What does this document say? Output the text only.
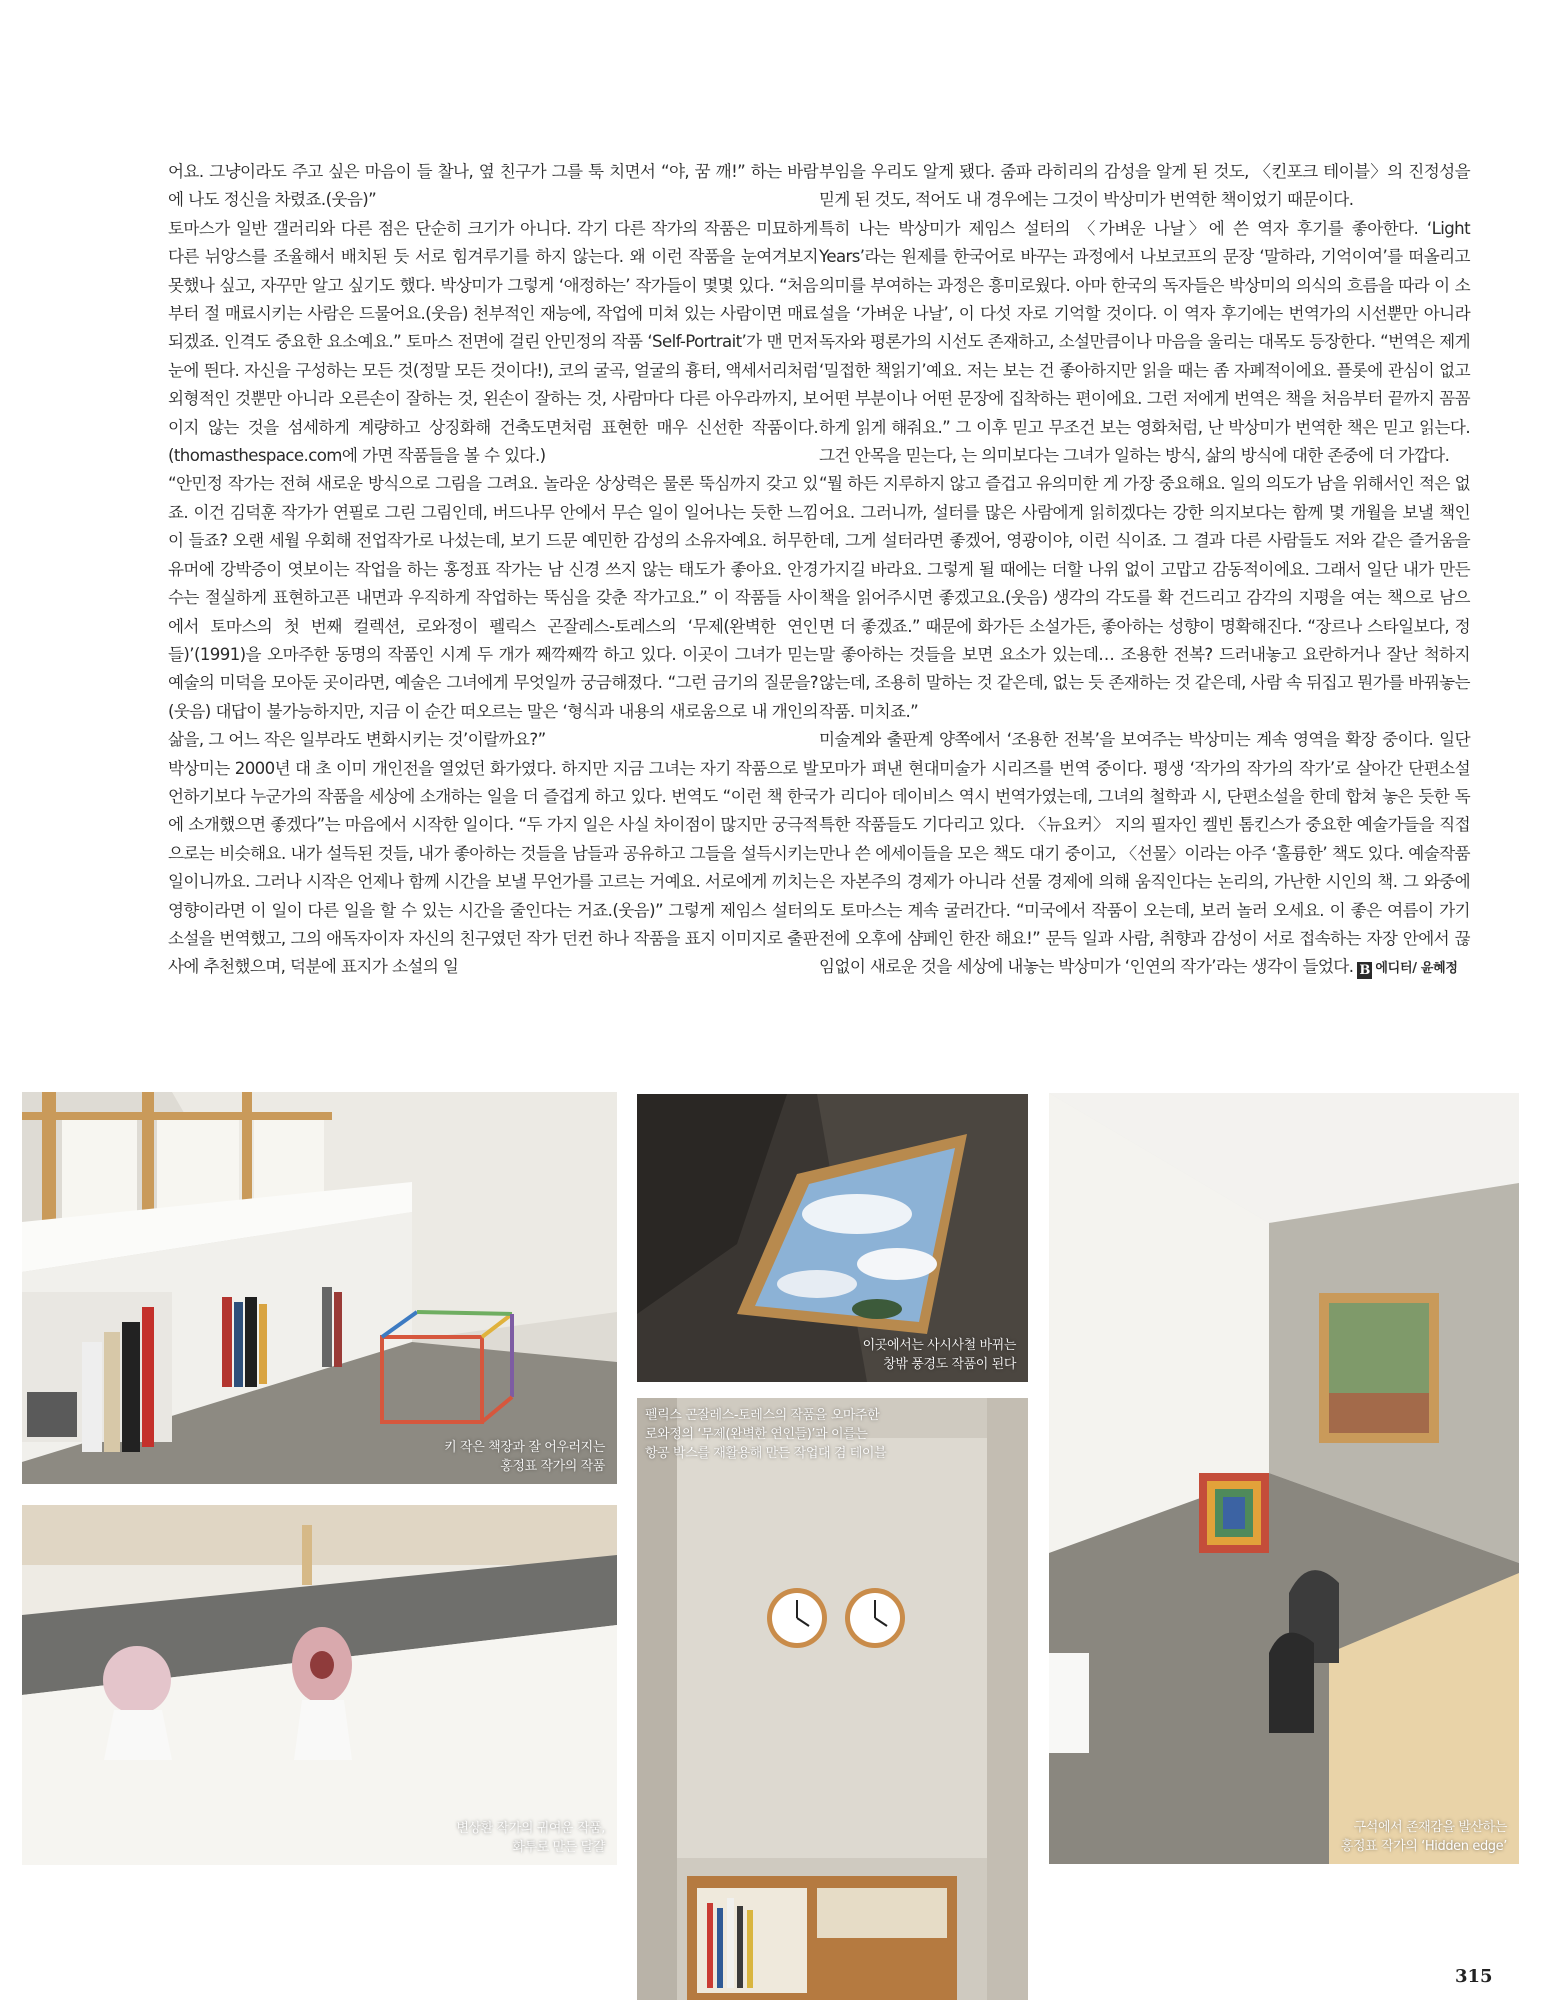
어요. 그냥이라도 주고 싶은 마음이 들 찰나, 옆 친구가 그를 툭 치면서 “야, 꿈 깨!” 하는 바람에 나도 정신을 차렸죠.(웃음)”

토마스가 일반 갤러리와 다른 점은 단순히 크기가 아니다. 각기 다른 작가의 작품은 미묘하게 다른 뉘앙스를 조율해서 배치된 듯 서로 힘겨루기를 하지 않는다. 왜 이런 작품을 눈여겨보지 못했나 싶고, 자꾸만 알고 싶기도 했다. 박상미가 그렇게 ‘애정하는’ 작가들이 몇몇 있다. “처음부터 절 매료시키는 사람은 드물어요.(웃음) 천부적인 재능에, 작업에 미쳐 있는 사람이면 매료되겠죠. 인격도 중요한 요소예요.” 토마스 전면에 걸린 안민정의 작품 ‘Self-Portrait’가 맨 먼저 눈에 띈다. 자신을 구성하는 모든 것(정말 모든 것이다!), 코의 굴곡, 얼굴의 흉터, 액세서리처럼 외형적인 것뿐만 아니라 오른손이 잘하는 것, 왼손이 잘하는 것, 사람마다 다른 아우라까지, 보이지 않는 것을 섬세하게 계량하고 상징화해 건축도면처럼 표현한 매우 신선한 작품이다.(thomasthespace.com에 가면 작품들을 볼 수 있다.)

“안민정 작가는 전혀 새로운 방식으로 그림을 그려요. 놀라운 상상력은 물론 뚝심까지 갖고 있죠. 이건 김덕훈 작가가 연필로 그린 그림인데, 버드나무 안에서 무슨 일이 일어나는 듯한 느낌이 들죠? 오랜 세월 우회해 전업작가로 나섰는데, 보기 드문 예민한 감성의 소유자예요. 허무한 유머에 강박증이 엿보이는 작업을 하는 홍정표 작가는 남 신경 쓰지 않는 태도가 좋아요. 안경수는 절실하게 표현하고픈 내면과 우직하게 작업하는 뚝심을 갖춘 작가고요.” 이 작품들 사이에서 토마스의 첫 번째 컬렉션, 로와정이 펠릭스 곤잘레스-토레스의 ‘무제(완벽한 연인들)’(1991)을 오마주한 동명의 작품인 시계 두 개가 째깍째깍 하고 있다. 이곳이 그녀가 믿는 예술의 미덕을 모아둔 곳이라면, 예술은 그녀에게 무엇일까 궁금해졌다. “그런 금기의 질문을?(웃음) 대답이 불가능하지만, 지금 이 순간 떠오르는 말은 ‘형식과 내용의 새로움으로 내 개인의 삶을, 그 어느 작은 일부라도 변화시키는 것’이랄까요?”

박상미는 2000년 대 초 이미 개인전을 열었던 화가였다. 하지만 지금 그녀는 자기 작품으로 발언하기보다 누군가의 작품을 세상에 소개하는 일을 더 즐겁게 하고 있다. 번역도 “이런 책 한국에 소개했으면 좋겠다”는 마음에서 시작한 일이다. “두 가지 일은 사실 차이점이 많지만 궁극적으로는 비슷해요. 내가 설득된 것들, 내가 좋아하는 것들을 남들과 공유하고 그들을 설득시키는 일이니까요. 그러나 시작은 언제나 함께 시간을 보낼 무언가를 고르는 거예요. 서로에게 끼치는 영향이라면 이 일이 다른 일을 할 수 있는 시간을 줄인다는 거죠.(웃음)” 그렇게 제임스 설터의 소설을 번역했고, 그의 애독자이자 자신의 친구였던 작가 던컨 하나 작품을 표지 이미지로 출판사에 추천했으며, 덕분에 표지가 소설의 일

부임을 우리도 알게 됐다. 줌파 라히리의 감성을 알게 된 것도, 〈킨포크 테이블〉의 진정성을 믿게 된 것도, 적어도 내 경우에는 그것이 박상미가 번역한 책이었기 때문이다.

특히 나는 박상미가 제임스 설터의 〈가벼운 나날〉에 쓴 역자 후기를 좋아한다. ‘Light Years’라는 원제를 한국어로 바꾸는 과정에서 나보코프의 문장 ‘말하라, 기억이여’를 떠올리고 의미를 부여하는 과정은 흥미로웠다. 아마 한국의 독자들은 박상미의 의식의 흐름을 따라 이 소설을 ‘가벼운 나날’, 이 다섯 자로 기억할 것이다. 이 역자 후기에는 번역가의 시선뿐만 아니라 독자와 평론가의 시선도 존재하고, 소설만큼이나 마음을 울리는 대목도 등장한다. “번역은 제게 ‘밀접한 책읽기’예요. 저는 보는 건 좋아하지만 읽을 때는 좀 자폐적이에요. 플롯에 관심이 없고 어떤 부분이나 어떤 문장에 집착하는 편이에요. 그런 저에게 번역은 책을 처음부터 끝까지 꼼꼼하게 읽게 해줘요.” 그 이후 믿고 무조건 보는 영화처럼, 난 박상미가 번역한 책은 믿고 읽는다. 그건 안목을 믿는다, 는 의미보다는 그녀가 일하는 방식, 삶의 방식에 대한 존중에 더 가깝다.

“뭘 하든 지루하지 않고 즐겁고 유의미한 게 가장 중요해요. 일의 의도가 남을 위해서인 적은 없어요. 그러니까, 설터를 많은 사람에게 읽히겠다는 강한 의지보다는 함께 몇 개월을 보낼 책인데, 그게 설터라면 좋겠어, 영광이야, 이런 식이죠. 그 결과 다른 사람들도 저와 같은 즐거움을 가지길 바라요. 그렇게 될 때에는 더할 나위 없이 고맙고 감동적이에요. 그래서 일단 내가 만든 책을 읽어주시면 좋겠고요.(웃음) 생각의 각도를 확 건드리고 감각의 지평을 여는 책으로 남으면 더 좋겠죠.” 때문에 화가든 소설가든, 좋아하는 성향이 명확해진다. “장르나 스타일보다, 정말 좋아하는 것들을 보면 요소가 있는데… 조용한 전복? 드러내놓고 요란하거나 잘난 척하지 않는데, 조용히 말하는 것 같은데, 없는 듯 존재하는 것 같은데, 사람 속 뒤집고 뭔가를 바꿔놓는 작품. 미치죠.”

미술계와 출판계 양쪽에서 ‘조용한 전복’을 보여주는 박상미는 계속 영역을 확장 중이다. 일단 모마가 펴낸 현대미술가 시리즈를 번역 중이다. 평생 ‘작가의 작가의 작가’로 살아간 단편소설가 리디아 데이비스 역시 번역가였는데, 그녀의 철학과 시, 단편소설을 한데 합쳐 놓은 듯한 독특한 작품들도 기다리고 있다. 〈뉴요커〉 지의 필자인 켈빈 톰킨스가 중요한 예술가들을 직접 만나 쓴 에세이들을 모은 책도 대기 중이고, 〈선물〉이라는 아주 ‘훌륭한’ 책도 있다. 예술작품은 자본주의 경제가 아니라 선물 경제에 의해 움직인다는 논리의, 가난한 시인의 책. 그 와중에도 토마스는 계속 굴러간다. “미국에서 작품이 오는데, 보러 놀러 오세요. 이 좋은 여름이 가기 전에 오후에 샴페인 한잔 해요!” 문득 일과 사람, 취향과 감성이 서로 접속하는 자장 안에서 끊임없이 새로운 것을 세상에 내놓는 박상미가 ‘인연의 작가’라는 생각이 들었다. B 에디터/ 윤혜정

키 작은 책장과 잘 어우러지는
홍정표 작가의 작품
이곳에서는 사시사철 바뀌는
창밖 풍경도 작품이 된다
구석에서 존재감을 발산하는
홍정표 작가의 ‘Hidden edge’
변상환 작가의 귀여운 작품,
화투로 만든 달걀
펠릭스 곤잘레스-토레스의 작품을 오마주한
로와정의 ‘무제(완벽한 연인들)’과 이를는
항공 박스를 재활용해 만든 작업대 겸 테이블
315
